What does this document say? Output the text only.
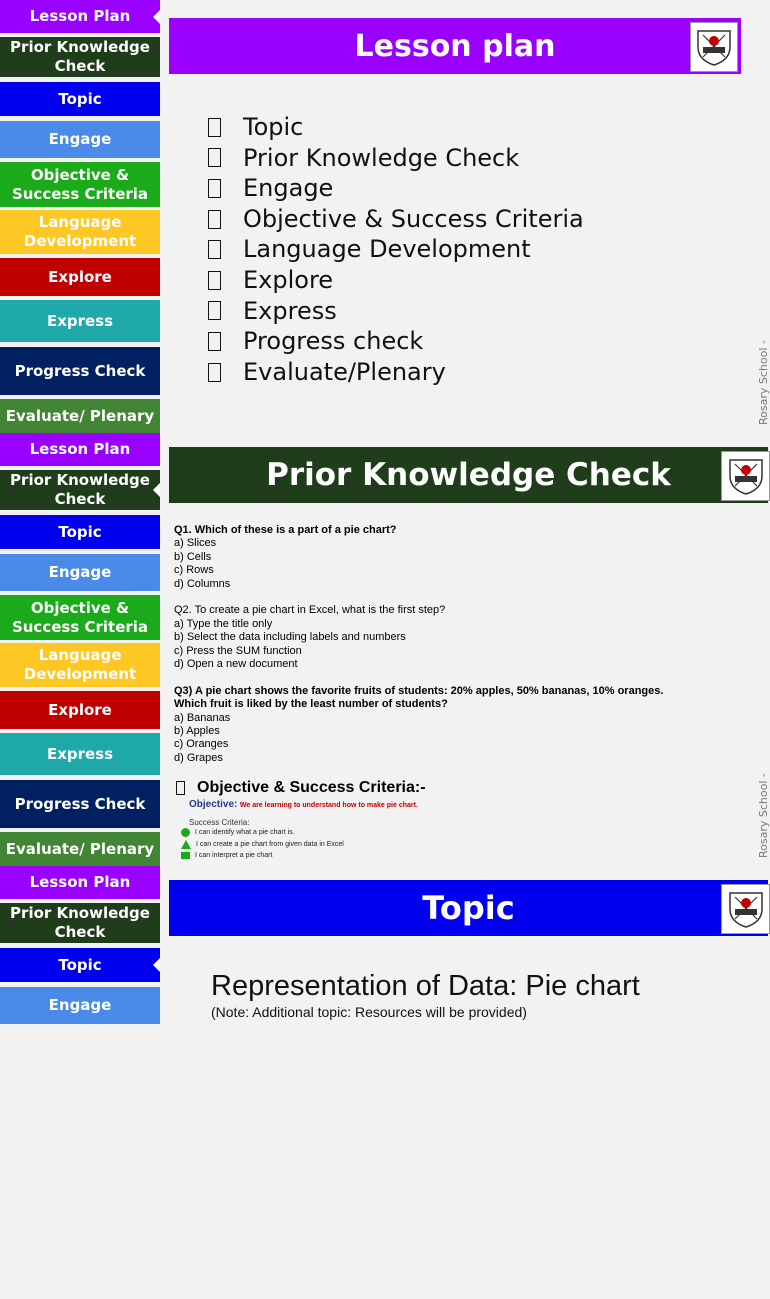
Lesson Plan
Prior Knowledge Check
Topic
Engage
Objective & Success Criteria
Language Development
Explore
Express
Progress Check
Evaluate/ Plenary
Lesson plan
Topic
Prior Knowledge Check
Engage
Objective & Success Criteria
Language Development
Explore
Express
Progress check
Evaluate/Plenary	Rosary School -
Lesson Plan
Prior Knowledge Check
Topic
Engage
Objective & Success Criteria
Language Development
Explore
Express
Progress Check
Evaluate/ Plenary
Prior Knowledge Check
Q1. Which of these is a part of a pie chart?
a) Slices
b) Cells
c) Rows
d) Columns
Q2. To create a pie chart in Excel, what is the first step?
a) Type the title only
b) Select the data including labels and numbers
c) Press the SUM function
d) Open a new document
Q3) A pie chart shows the favorite fruits of students: 20% apples, 50% bananas, 10% oranges.
Which fruit is liked by the least number of students?
a) Bananas
b) Apples
c) Oranges
d) Grapes
Objective & Success Criteria:-
Objective: We are learning to understand how to make pie chart.
Success Criteria:
I can identify what a pie chart is.
I can create a pie chart from given data in Excel
I can interpret a pie chart	Rosary School -
Lesson Plan
Prior Knowledge Check
Topic
Engage
Topic
Representation of Data: Pie chart
(Note: Additional topic: Resources will be provided)
